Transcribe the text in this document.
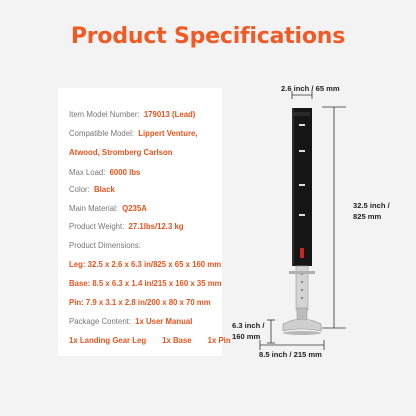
Product Specifications
Item Model Number: 179013 (Lead)
Compatible Model: Lippert Venture,
Atwood, Stromberg Carlson
Max Load: 6000 lbs
Color: Black
Main Material: Q235A
Product Weight: 27.1lbs/12.3 kg
Product Dimensions:
Leg: 32.5 x 2.6 x 6.3 in/825 x 65 x 160 mm
Base: 8.5 x 6.3 x 1.4 in/215 x 160 x 35 mm
Pin: 7.9 x 3.1 x 2.8 in/200 x 80 x 70 mm
Package Content: 1x User Manual
1x Landing Gear Leg 1x Base 1x Pin
2.6 inch / 65 mm
32.5 inch /
825 mm
6.3 inch /
160 mm
8.5 inch / 215 mm
